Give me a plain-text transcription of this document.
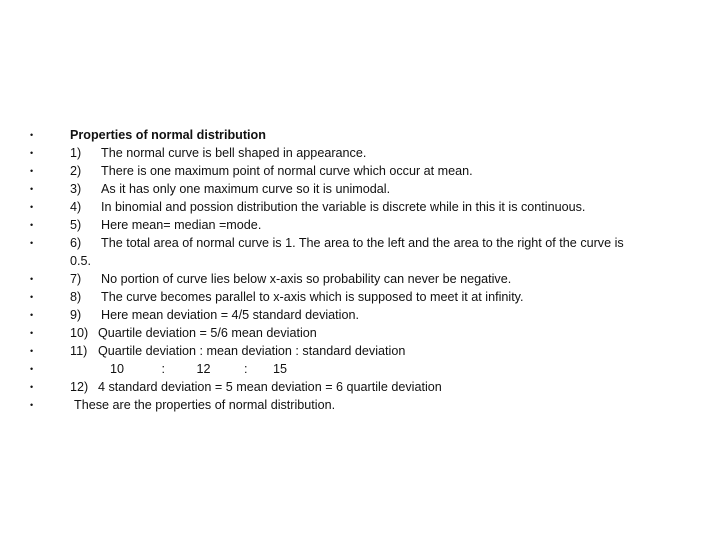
•	Properties of normal distribution
•	1) The normal curve is bell shaped in appearance.
•	2) There is one maximum point of normal curve which occur at mean.
•	3) As it has only one maximum curve so it is unimodal.
•	4) In binomial and possion distribution the variable is discrete while in this it is continuous.
•	5) Here mean= median =mode.
•	6) The total area of normal curve is 1. The area to the left and the area to the right of the curve is
0.5.
•	7) No portion of curve lies below x-axis so probability can never be negative.
•	8) The curve becomes parallel to x-axis which is supposed to meet it at infinity.
•	9) Here mean deviation = 4/5 standard deviation.
•	10) Quartile deviation = 5/6 mean deviation
•	11) Quartile deviation : mean deviation : standard deviation
•	10	:	12	: 15
•	12) 4 standard deviation = 5 mean deviation = 6 quartile deviation
•	These are the properties of normal distribution.
